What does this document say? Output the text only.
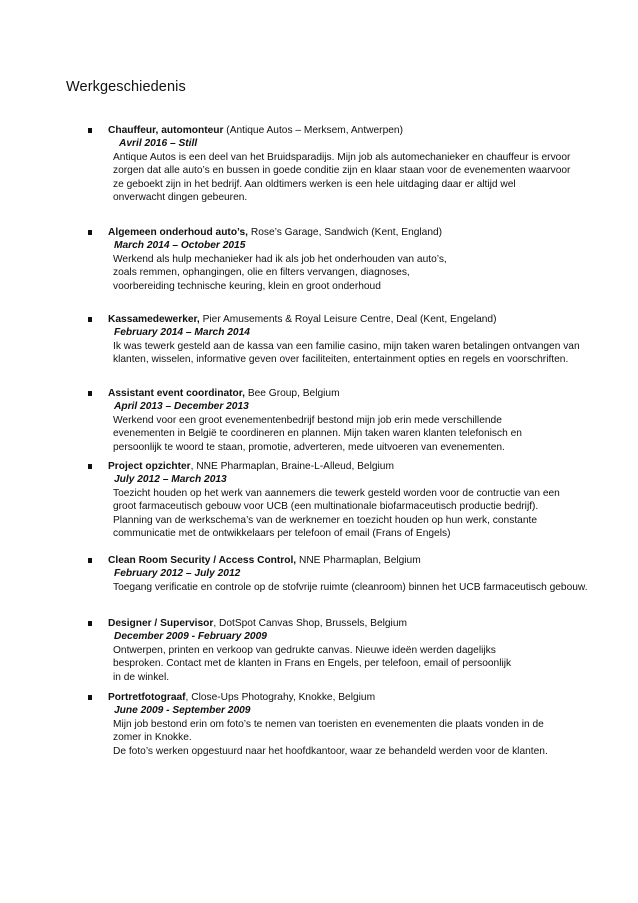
Werkgeschiedenis
Chauffeur, automonteur (Antique Autos – Merksem, Antwerpen)
Avril 2016 – Still
Antique Autos is een deel van het Bruidsparadijs. Mijn job als automechanieker en chauffeur is ervoor
zorgen dat alle auto’s en bussen in goede conditie zijn en klaar staan voor de evenementen waarvoor
ze geboekt zijn in het bedrijf. Aan oldtimers werken is een hele uitdaging daar er altijd wel
onverwacht dingen gebeuren.
Algemeen onderhoud auto’s, Rose’s Garage, Sandwich (Kent, England)
March 2014 – October 2015
Werkend als hulp mechanieker had ik als job het onderhouden van auto’s,
zoals remmen, ophangingen, olie en filters vervangen, diagnoses,
voorbereiding technische keuring, klein en groot onderhoud
Kassamedewerker, Pier Amusements & Royal Leisure Centre, Deal (Kent, Engeland)
February 2014 – March 2014
Ik was tewerk gesteld aan de kassa van een familie casino, mijn taken waren betalingen ontvangen van
klanten, wisselen, informative geven over faciliteiten, entertainment opties en regels en voorschriften.
Assistant event coordinator, Bee Group, Belgium
April 2013 – December 2013
Werkend voor een groot evenementenbedrijf bestond mijn job erin mede verschillende
evenementen in België te coordineren en plannen. Mijn taken waren klanten telefonisch en
persoonlijk te woord te staan, promotie, adverteren, mede uitvoeren van evenementen.
Project opzichter, NNE Pharmaplan, Braine-L-Alleud, Belgium
July 2012 – March 2013
Toezicht houden op het werk van aannemers die tewerk gesteld worden voor de contructie van een
groot farmaceutisch gebouw voor UCB (een multinationale biofarmaceutisch productie bedrijf).
Planning van de werkschema’s van de werknemer en toezicht houden op hun werk, constante
communicatie met de ontwikkelaars per telefoon of email (Frans of Engels)
Clean Room Security / Access Control, NNE Pharmaplan, Belgium
February 2012 – July 2012
Toegang verificatie en controle op de stofvrije ruimte (cleanroom) binnen het UCB farmaceutisch gebouw.
Designer / Supervisor, DotSpot Canvas Shop, Brussels, Belgium
December 2009 - February 2009
Ontwerpen, printen en verkoop van gedrukte canvas. Nieuwe ideën werden dagelijks
besproken. Contact met de klanten in Frans en Engels, per telefoon, email of persoonlijk
in de winkel.
Portretfotograaf, Close-Ups Photograhy, Knokke, Belgium
June 2009 - September 2009
Mijn job bestond erin om foto’s te nemen van toeristen en evenementen die plaats vonden in de
zomer in Knokke.
De foto’s werken opgestuurd naar het hoofdkantoor, waar ze behandeld werden voor de klanten.
